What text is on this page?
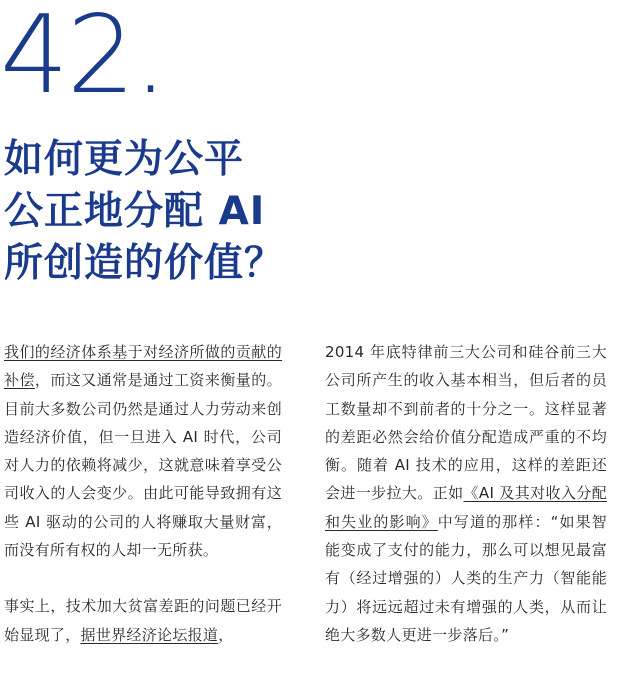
42.
如何更为公平
公正地分配 AI
所创造的价值？

我们的经济体系基于对经济所做的贡献的补偿，而这又通常是通过工资来衡量的。目前大多数公司仍然是通过人力劳动来创造经济价值，但一旦进入 AI 时代，公司对人力的依赖将减少，这就意味着享受公司收入的人会变少。由此可能导致拥有这些 AI 驱动的公司的人将赚取大量财富，而没有所有权的人却一无所获。

事实上，技术加大贫富差距的问题已经开始显现了，据世界经济论坛报道，

2014 年底特律前三大公司和硅谷前三大公司所产生的收入基本相当，但后者的员工数量却不到前者的十分之一。这样显著的差距必然会给价值分配造成严重的不均衡。随着 AI 技术的应用，这样的差距还会进一步拉大。正如《AI 及其对收入分配和失业的影响》中写道的那样：“如果智能变成了支付的能力，那么可以想见最富有（经过增强的）人类的生产力（智能能力）将远远超过未有增强的人类，从而让绝大多数人更进一步落后。”
